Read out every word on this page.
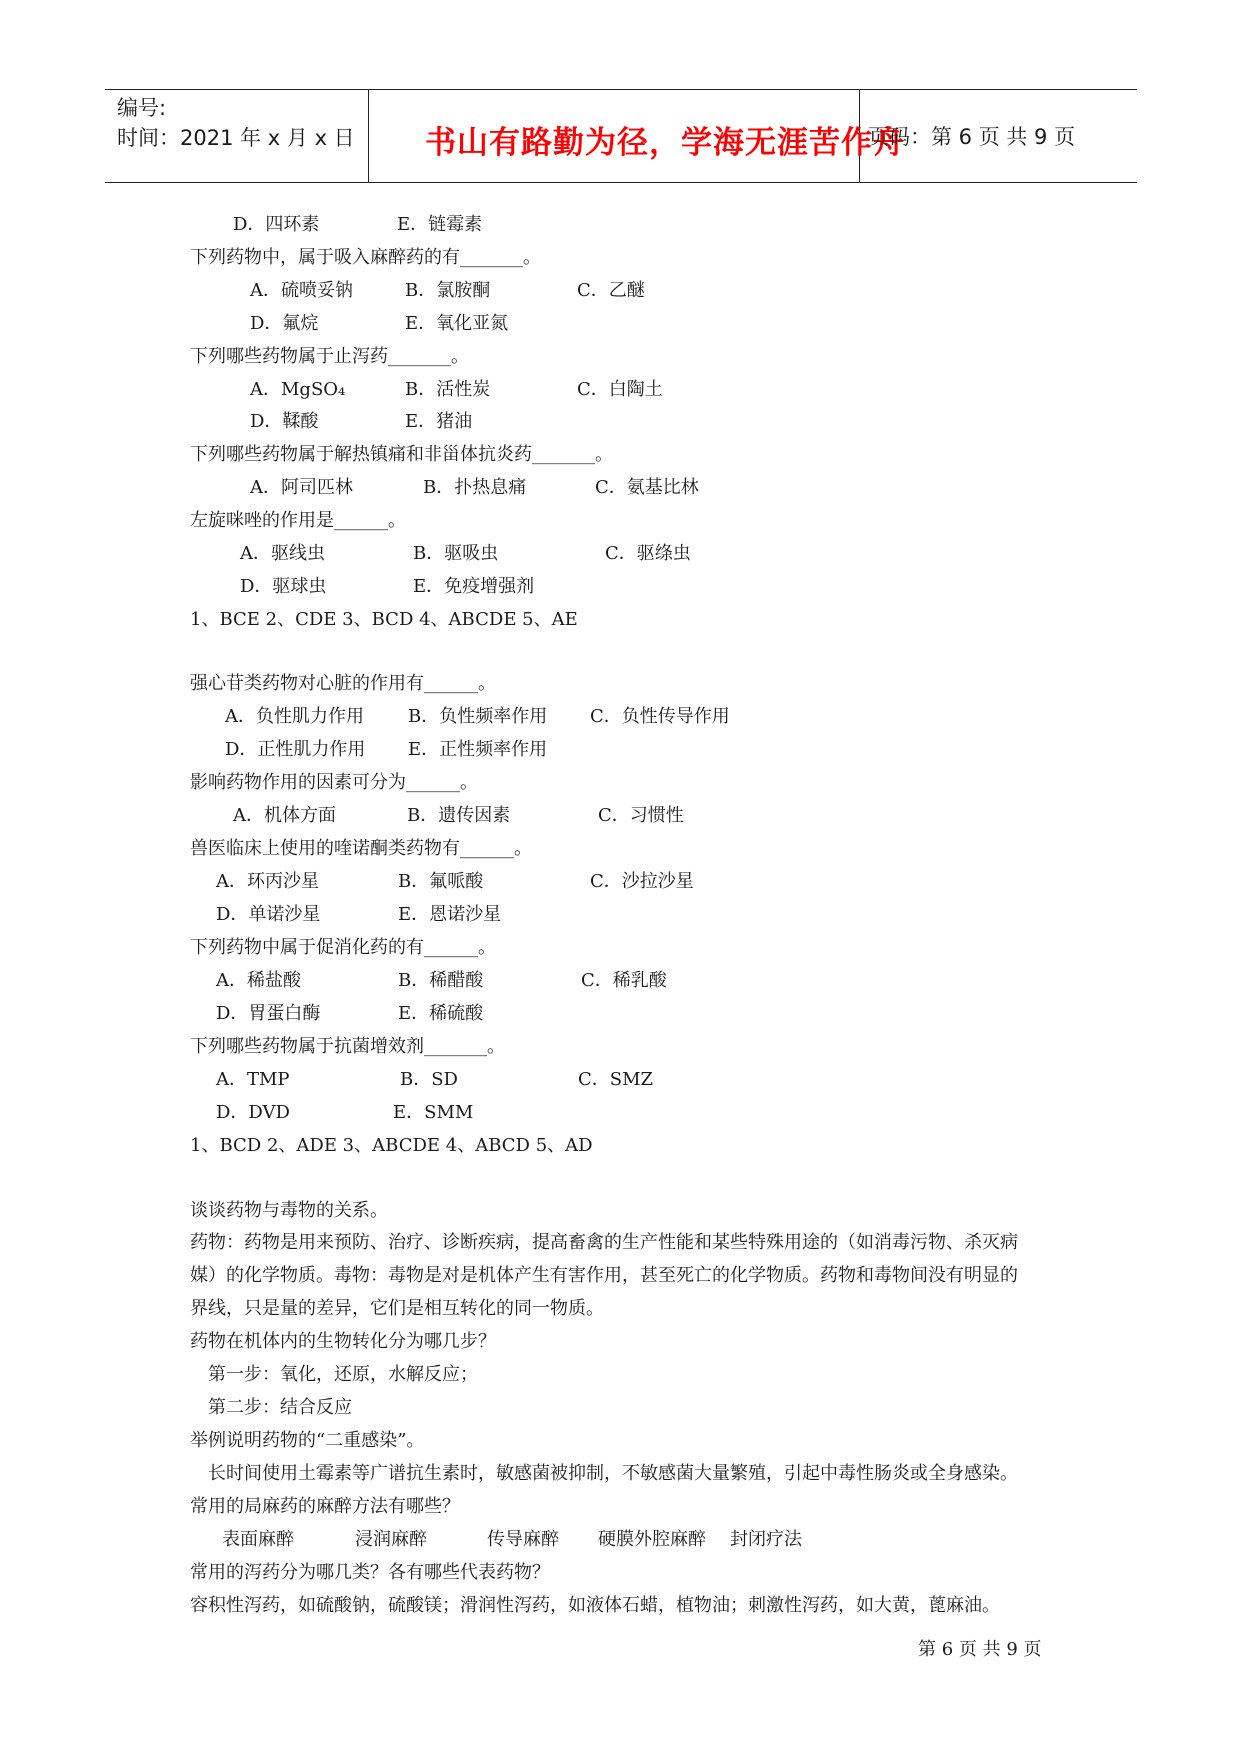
编号:
时间：2021 年 x 月 x 日	书山有路勤为径，学海无涯苦作舟
页码：第 6 页 共 9 页
D．四环素	E．链霉素
下列药物中，属于吸入麻醉药的有_______。
A．硫喷妥钠	B．氯胺酮	C．乙醚
D．氟烷	E．氧化亚氮
下列哪些药物属于止泻药_______。
A．MgSO₄	B．活性炭	C．白陶土
D．鞣酸	E．猪油
下列哪些药物属于解热镇痛和非甾体抗炎药_______。
A．阿司匹林	B．扑热息痛	C．氨基比林
左旋咪唑的作用是______。
A．驱线虫	B．驱吸虫	C．驱绦虫
D．驱球虫	E．免疫增强剂
1、BCE 2、CDE 3、BCD 4、ABCDE 5、AE
强心苷类药物对心脏的作用有______。
A．负性肌力作用 B．负性频率作用 C．负性传导作用
D．正性肌力作用 E．正性频率作用
影响药物作用的因素可分为______。
A．机体方面	B．遗传因素	C．习惯性
兽医临床上使用的喹诺酮类药物有______。
A．环丙沙星	B．氟哌酸	C．沙拉沙星
D．单诺沙星	E．恩诺沙星
下列药物中属于促消化药的有______。
A．稀盐酸	B．稀醋酸	C．稀乳酸
D．胃蛋白酶	E．稀硫酸
下列哪些药物属于抗菌增效剂_______。
A．TMP	B．SD	C．SMZ
D．DVD	E．SMM
1、BCD 2、ADE 3、ABCDE 4、ABCD 5、AD
谈谈药物与毒物的关系。
药物：药物是用来预防、治疗、诊断疾病，提高畜禽的生产性能和某些特殊用途的（如消毒污物、杀灭病
媒）的化学物质。毒物：毒物是对是机体产生有害作用，甚至死亡的化学物质。药物和毒物间没有明显的
界线，只是量的差异，它们是相互转化的同一物质。
药物在机体内的生物转化分为哪几步？
第一步：氧化，还原，水解反应；
第二步：结合反应
举例说明药物的“二重感染”。
长时间使用土霉素等广谱抗生素时，敏感菌被抑制，不敏感菌大量繁殖，引起中毒性肠炎或全身感染。
常用的局麻药的麻醉方法有哪些？
表面麻醉	浸润麻醉	传导麻醉 硬膜外腔麻醉 封闭疗法
常用的泻药分为哪几类？各有哪些代表药物？
容积性泻药，如硫酸钠，硫酸镁；滑润性泻药，如液体石蜡，植物油；刺激性泻药，如大黄，蓖麻油。
第 6 页 共 9 页
